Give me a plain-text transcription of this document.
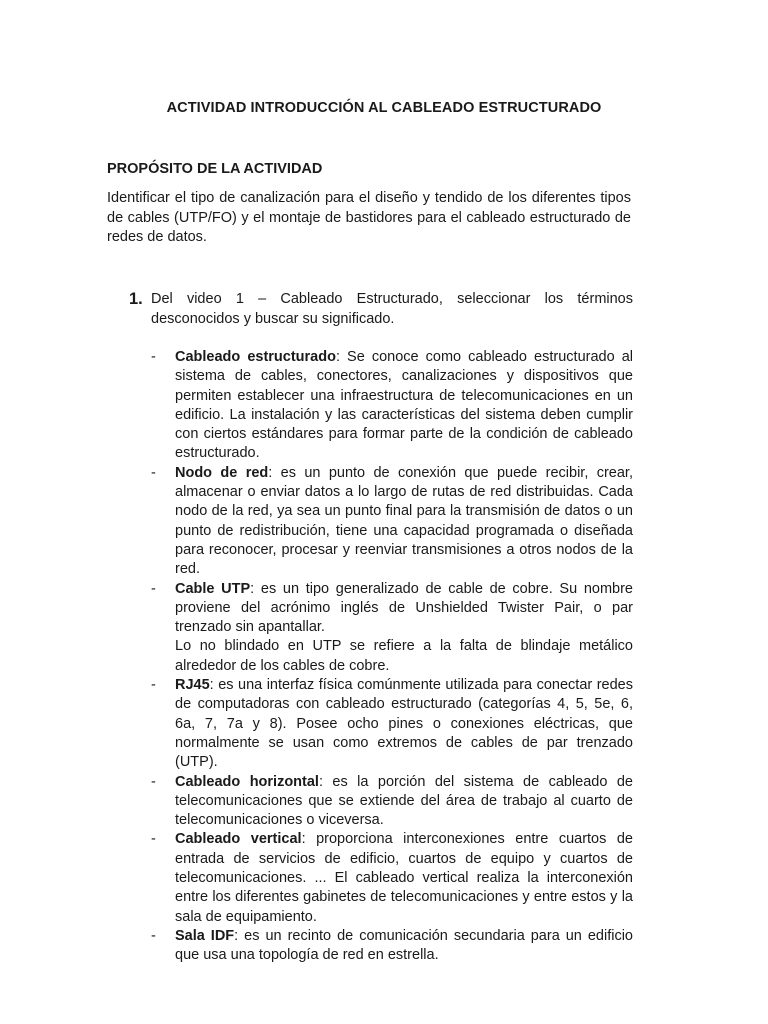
ACTIVIDAD INTRODUCCIÓN AL CABLEADO ESTRUCTURADO
PROPÓSITO DE LA ACTIVIDAD
Identificar el tipo de canalización para el diseño y tendido de los diferentes tipos de cables (UTP/FO) y el montaje de bastidores para el cableado estructurado de redes de datos.
1. Del video 1 – Cableado Estructurado, seleccionar los términos desconocidos y buscar su significado.
- Cableado estructurado: Se conoce como cableado estructurado al sistema de cables, conectores, canalizaciones y dispositivos que permiten establecer una infraestructura de telecomunicaciones en un edificio. La instalación y las características del sistema deben cumplir con ciertos estándares para formar parte de la condición de cableado estructurado.
- Nodo de red: es un punto de conexión que puede recibir, crear, almacenar o enviar datos a lo largo de rutas de red distribuidas. Cada nodo de la red, ya sea un punto final para la transmisión de datos o un punto de redistribución, tiene una capacidad programada o diseñada para reconocer, procesar y reenviar transmisiones a otros nodos de la red.
- Cable UTP: es un tipo generalizado de cable de cobre. Su nombre proviene del acrónimo inglés de Unshielded Twister Pair, o par trenzado sin apantallar.
Lo no blindado en UTP se refiere a la falta de blindaje metálico alrededor de los cables de cobre.
- RJ45: es una interfaz física comúnmente utilizada para conectar redes de computadoras con cableado estructurado (categorías 4, 5, 5e, 6, 6a, 7, 7a y 8). Posee ocho pines o conexiones eléctricas, que normalmente se usan como extremos de cables de par trenzado (UTP).
- Cableado horizontal: es la porción del sistema de cableado de telecomunicaciones que se extiende del área de trabajo al cuarto de telecomunicaciones o viceversa.
- Cableado vertical: proporciona interconexiones entre cuartos de entrada de servicios de edificio, cuartos de equipo y cuartos de telecomunicaciones. ... El cableado vertical realiza la interconexión entre los diferentes gabinetes de telecomunicaciones y entre estos y la sala de equipamiento.
- Sala IDF: es un recinto de comunicación secundaria para un edificio que usa una topología de red en estrella.
